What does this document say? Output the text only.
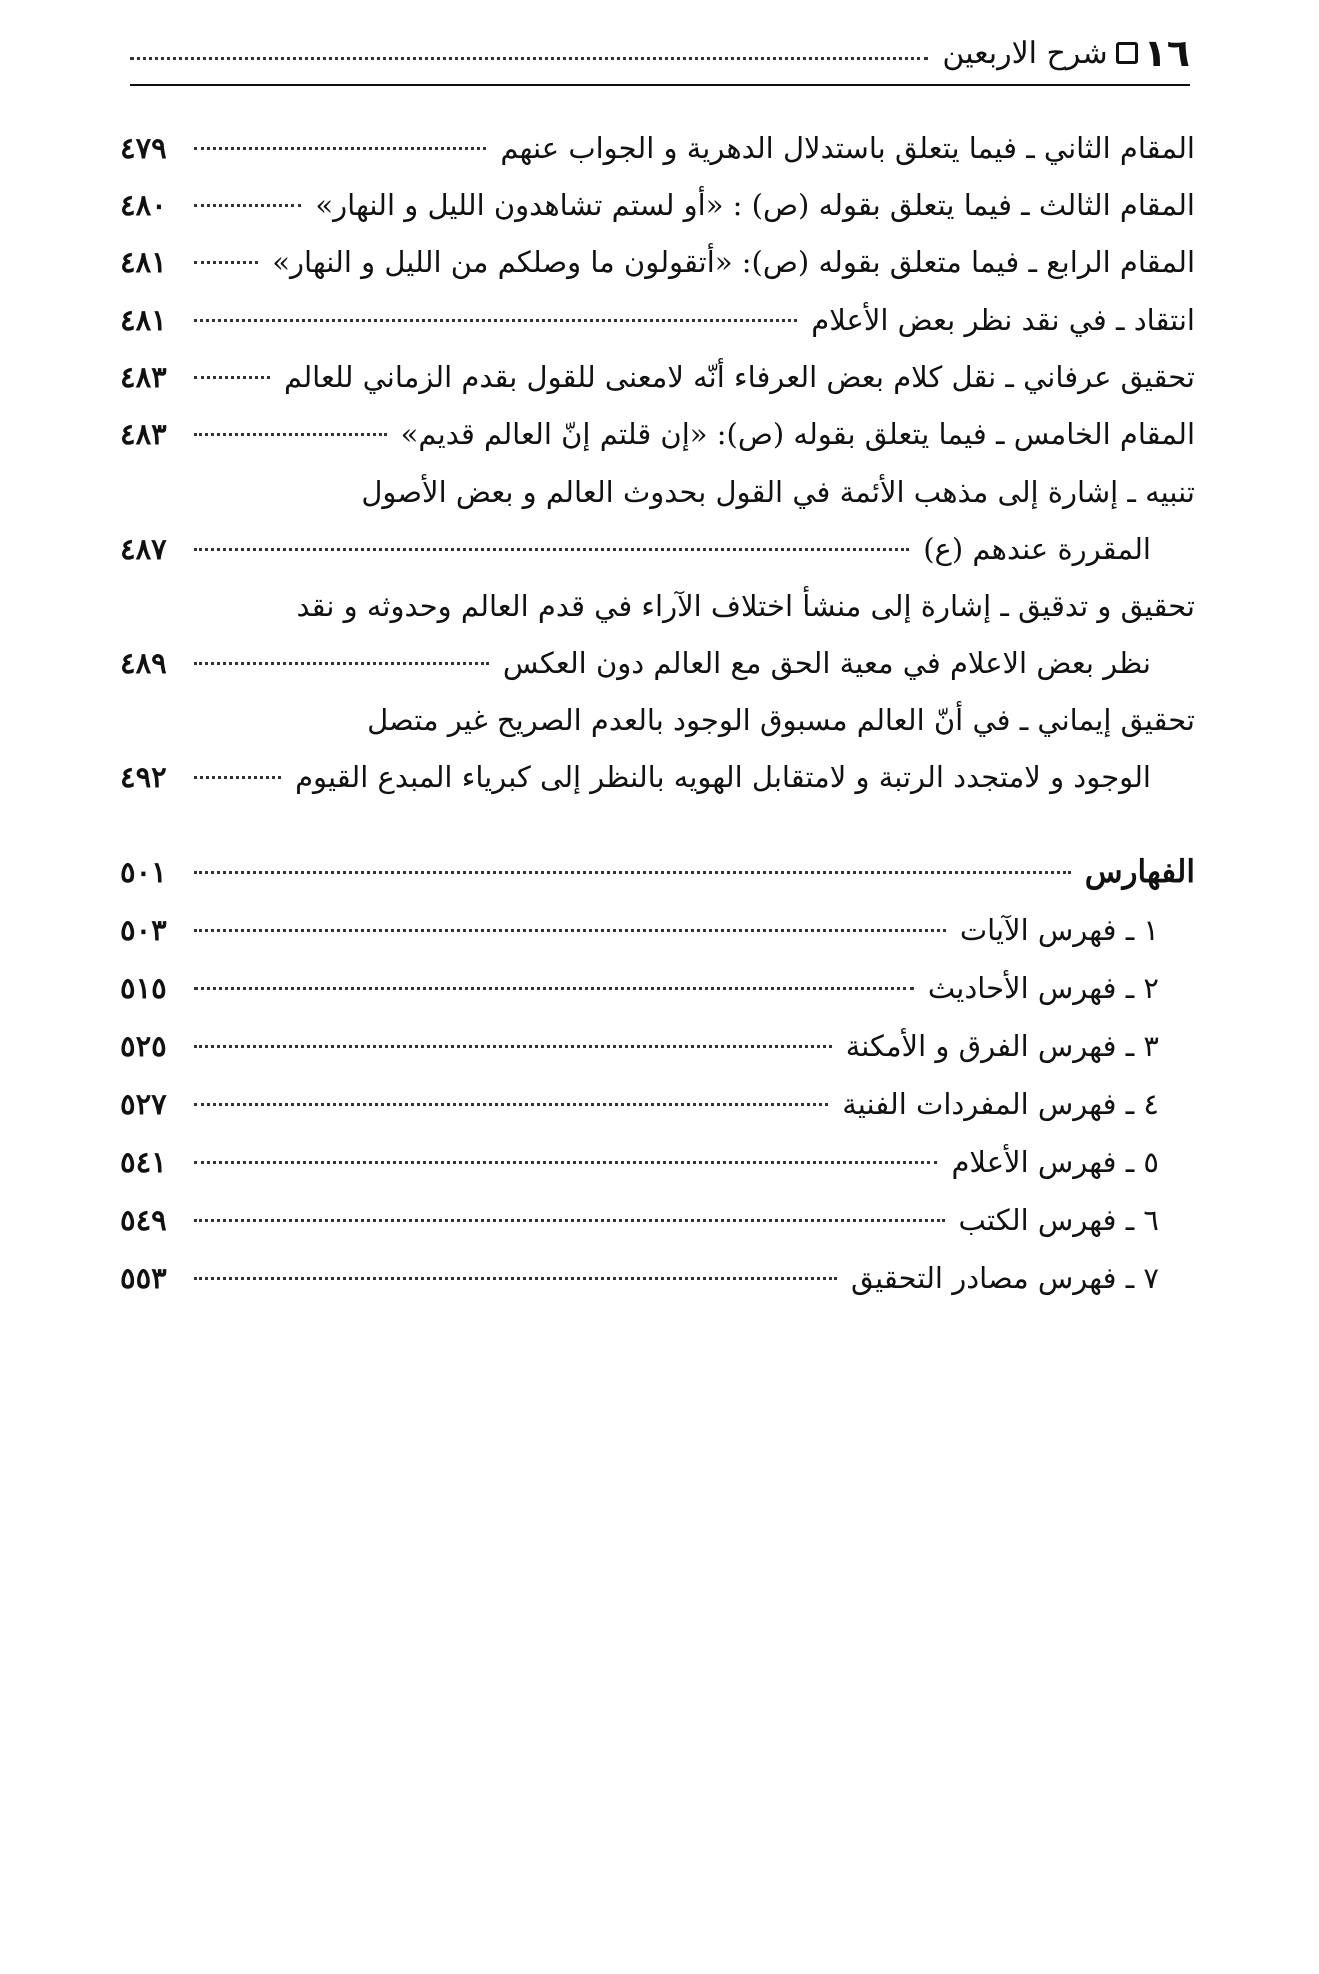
١٦
شرح الاربعين
المقام الثاني ـ فيما يتعلق باستدلال الدهرية و الجواب عنهم
٤٧٩
المقام الثالث ـ فيما يتعلق بقوله (ص) : «أو لستم تشاهدون الليل و النهار»
٤٨٠
المقام الرابع ـ فيما متعلق بقوله (ص): «أتقولون ما وصلكم من الليل و النهار»
٤٨١
انتقاد ـ في نقد نظر بعض الأعلام
٤٨١
تحقيق عرفاني ـ نقل كلام بعض العرفاء أنّه لامعنى للقول بقدم الزماني للعالم
٤٨٣
المقام الخامس ـ فيما يتعلق بقوله (ص): «إن قلتم إنّ العالم قديم»
٤٨٣
تنبيه ـ إشارة إلى مذهب الأئمة في القول بحدوث العالم و بعض الأصول
المقررة عندهم (ع)
٤٨٧
تحقيق و تدقيق ـ إشارة إلى منشأ اختلاف الآراء في قدم العالم وحدوثه و نقد
نظر بعض الاعلام في معية الحق مع العالم دون العكس
٤٨٩
تحقيق إيماني ـ في أنّ العالم مسبوق الوجود بالعدم الصريح غير متصل
الوجود و لامتجدد الرتبة و لامتقابل الهويه بالنظر إلى كبرياء المبدع القيوم
٤٩٢
الفهارس
٥٠١
١ ـ فهرس الآيات
٥٠٣
٢ ـ فهرس الأحاديث
٥١٥
٣ ـ فهرس الفرق و الأمكنة
٥٢٥
٤ ـ فهرس المفردات الفنية
٥٢٧
٥ ـ فهرس الأعلام
٥٤١
٦ ـ فهرس الكتب
٥٤٩
٧ ـ فهرس مصادر التحقيق
٥٥٣
